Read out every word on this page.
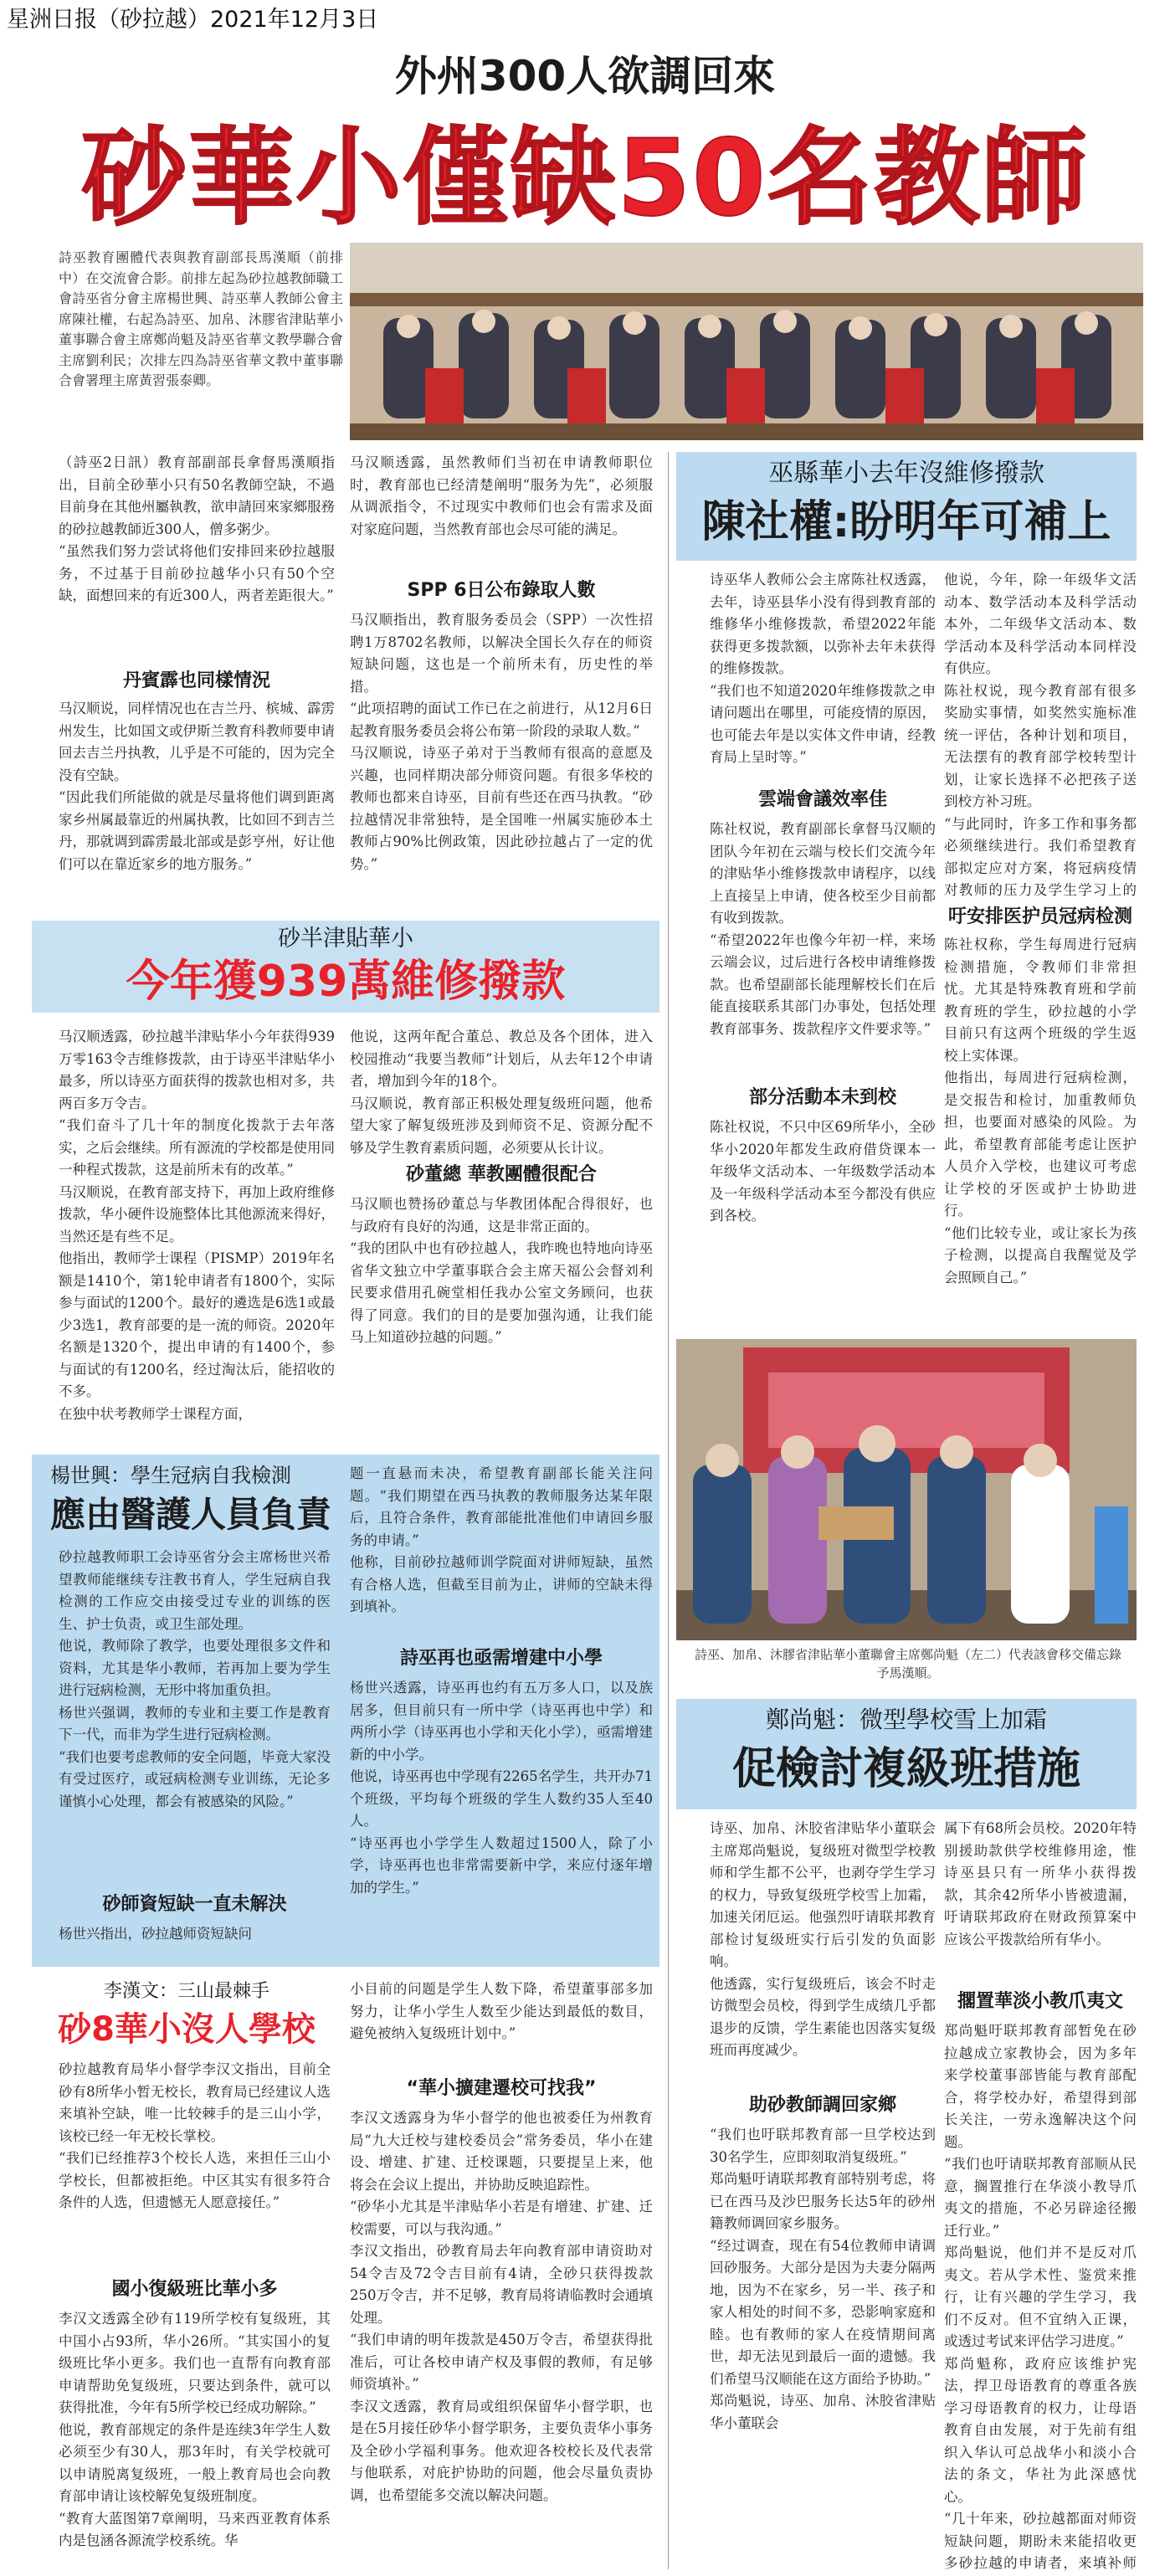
星洲日报（砂拉越）2021年12月3日
外州300人欲調回來
砂華小僅缺50名教師
詩巫教育團體代表與教育副部長馬漢順（前排中）在交流會合影。前排左起為砂拉越教師職工會詩巫省分會主席楊世興、詩巫華人教師公會主席陳社權，右起為詩巫、加帛、沐膠省津貼華小董事聯合會主席鄭尚魁及詩巫省華文教學聯合會主席劉利民；次排左四為詩巫省華文教中董事聯合會署理主席黃習張泰卿。

（詩巫2日訊）教育部副部長拿督馬漢順指出，目前全砂華小只有50名教師空缺，不過目前身在其他州屬執教，欲申請回來家鄉服務的砂拉越教師近300人，僧多粥少。
“虽然我们努力尝试将他们安排回来砂拉越服务，不过基于目前砂拉越华小只有50个空缺，面想回来的有近300人，两者差距很大。”

丹賓霹也同樣情況

马汉顺说，同样情况也在吉兰丹、槟城、霹雳州发生，比如国文或伊斯兰教育科教师要申请回去吉兰丹执教，儿乎是不可能的，因为完全没有空缺。
“因此我们所能做的就是尽量将他们调到距离家乡州属最靠近的州属执教，比如回不到吉兰丹，那就调到霹雳最北部或是彭亨州，好让他们可以在靠近家乡的地方服务。”

马汉顺透露，虽然教师们当初在申请教师职位时，教育部也已经清楚阐明“服务为先”，必须服从调派指令，不过现实中教师们也会有需求及面对家庭问题，当然教育部也会尽可能的满足。

SPP 6日公布錄取人數

马汉顺指出，教育服务委员会（SPP）一次性招聘1万8702名教师，以解决全国长久存在的师资短缺问题，这也是一个前所未有，历史性的举措。
“此项招聘的面试工作已在之前进行，从12月6日起教育服务委员会将公布第一阶段的录取人数。”
马汉顺说，诗巫子弟对于当教师有很高的意愿及兴趣，也同样期决部分师资问题。有很多华校的教师也都来自诗巫，目前有些还在西马执教。“砂拉越情况非常独特，是全国唯一州属实施砂本土教师占90%比例政策，因此砂拉越占了一定的优势。”

巫縣華小去年沒維修撥款
陳社權:盼明年可補上

诗巫华人教师公会主席陈社权透露，去年，诗巫县华小没有得到教育部的维修华小维修拨款，希望2022年能获得更多拨款额，以弥补去年未获得的维修拨款。
“我们也不知道2020年维修拨款之申请问题出在哪里，可能疫情的原因，也可能去年是以实体文件申请，经教育局上呈时等。”

雲端會議效率佳

陈社权说，教育副部长拿督马汉顺的团队今年初在云端与校长们交流今年的津贴华小维修拨款申请程序，以线上直接呈上申请，使各校至少目前都有收到拨款。
“希望2022年也像今年初一样，来场云端会议，过后进行各校申请维修拨款。也希望副部长能理解校长们在后能直接联系其部门办事处，包括处理教育部事务、拨款程序文件要求等。”

部分活動本未到校

陈社权说，不只中区69所华小，全砂华小2020年都发生政府借贷课本一年级华文活动本、一年级数学活动本及一年级科学活动本至今都没有供应到各校。

他说，今年，除一年级华文活动本、数学活动本及科学活动本外，二年级华文活动本、数学活动本及科学活动本同样没有供应。
陈社权说，现今教育部有很多奖励实事情，如奖然实施标准统一评估，各种计划和项目，无法摆有的教育部学校转型计划，让家长选择不必把孩子送到校方补习班。
“与此同时，许多工作和事务都必须继续进行。我们希望教育部拟定应对方案，将冠病疫情对教师的压力及学生学习上的

吁安排医护员冠病检测

陈社权称，学生每周进行冠病检测措施，令教师们非常担忧。尤其是特殊教育班和学前教育班的学生，砂拉越的小学目前只有这两个班级的学生返校上实体课。
他指出，每周进行冠病检测，是交报告和检讨，加重教师负担，也要面对感染的风险。为此，希望教育部能考虑让医护人员介入学校，也建议可考虑让学校的牙医或护士协助进行。
“他们比较专业，或让家长为孩子检测，以提高自我醒觉及学会照顾自己。”

詩巫、加帛、沐膠省津貼華小董聯會主席鄭尚魁（左二）代表該會移交備忘錄予馬漢順。
砂半津貼華小
今年獲939萬維修撥款

马汉顺透露，砂拉越半津贴华小今年获得939万零163令吉维修拨款，由于诗巫半津贴华小最多，所以诗巫方面获得的拨款也相对多，共两百多万令吉。
“我们奋斗了几十年的制度化拨款于去年落实，之后会继续。所有源流的学校都是使用同一种程式拨款，这是前所未有的改革。”
马汉顺说，在教育部支持下，再加上政府维修拨款，华小硬件设施整体比其他源流来得好，当然还是有些不足。
他指出，教师学士课程（PISMP）2019年名额是1410个，第1轮申请者有1800个，实际参与面试的1200个。最好的遴选是6选1或最少3选1，教育部要的是一流的师资。2020年名额是1320个，提出申请的有1400个，参与面试的有1200名，经过淘汰后，能招收的不多。
在独中状考教师学士课程方面，

他说，这两年配合董总、教总及各个团体，进入校园推动“我要当教师”计划后，从去年12个申请者，增加到今年的18个。
马汉顺说，教育部正积极处理复级班问题，他希望大家了解复级班涉及到师资不足、资源分配不够及学生教育素质问题，必须要从长计议。

砂董總 華教團體很配合

马汉顺也赞扬砂董总与华教团体配合得很好，也与政府有良好的沟通，这是非常正面的。
“我的团队中也有砂拉越人，我昨晚也特地向诗巫省华文独立中学董事联合会主席天福公会督刘利民要求借用孔碗堂相任我办公室文务顾问，也获得了同意。我们的目的是要加强沟通，让我们能马上知道砂拉越的问题。”

楊世興：學生冠病自我檢測
應由醫護人員負責

砂拉越教师职工会诗巫省分会主席杨世兴希望教师能继续专注教书育人，学生冠病自我检测的工作应交由接受过专业的训练的医生、护士负责，或卫生部处理。
他说，教师除了教学，也要处理很多文件和资料，尤其是华小教师，若再加上要为学生进行冠病检测，无形中将加重负担。
杨世兴强调，教师的专业和主要工作是教育下一代，而非为学生进行冠病检测。
“我们也要考虑教师的安全问题，毕竟大家没有受过医疗，或冠病检测专业训练，无论多谨慎小心处理，都会有被感染的风险。”

砂師資短缺一直未解決

杨世兴指出，砂拉越师资短缺问

题一直悬而未决，希望教育副部长能关注问题。“我们期望在西马执教的教师服务达某年限后，且符合条件，教育部能批准他们申请回乡服务的申请。”
他称，目前砂拉越师训学院面对讲师短缺，虽然有合格人选，但截至目前为止，讲师的空缺未得到填补。

詩巫再也亟需增建中小學

杨世兴透露，诗巫再也约有五万多人口，以及族居多，但目前只有一所中学（诗巫再也中学）和两所小学（诗巫再也小学和天化小学），亟需增建新的中小学。
他说，诗巫再也中学现有2265名学生，共开办71个班级，平均每个班级的学生人数约35人至40人。
“诗巫再也小学学生人数超过1500人，除了小学，诗巫再也也非常需要新中学，来应付逐年增加的学生。”

李漢文：三山最棘手
砂8華小沒人學校

砂拉越教育局华小督学李汉文指出，目前全砂有8所华小暂无校长，教育局已经建议人选来填补空缺，唯一比较棘手的是三山小学，该校已经一年无校长掌校。
“我们已经推荐3个校长人选，来担任三山小学校长，但都被拒绝。中区其实有很多符合条件的人选，但遗憾无人愿意接任。”

國小復級班比華小多

李汉文透露全砂有119所学校有复级班，其中国小占93所，华小26所。“其实国小的复级班比华小更多。我们也一直帮有向教育部申请帮助免复级班，只要达到条件，就可以获得批准，今年有5所学校已经成功解除。”
他说，教育部规定的条件是连续3年学生人数必须至少有30人，那3年时，有关学校就可以申请脱离复级班，一般上教育局也会向教育部申请让该校解免复级班制度。
“教育大蓝图第7章阐明，马来西亚教育体系内是包涵各源流学校系统。华

小目前的问题是学生人数下降，希望董事部多加努力，让华小学生人数至少能达到最低的数目，避免被纳入复级班计划中。”

“華小擴建遷校可找我”

李汉文透露身为华小督学的他也被委任为州教育局“九大迁校与建校委员会”常务委员，华小在建设、增建、扩建、迁校课题，只要提呈上来，他将会在会议上提出，并协助反映追踪性。
“砂华小尤其是半津贴华小若是有增建、扩建、迁校需要，可以与我沟通。”
李汉文指出，砂教育局去年向教育部申请资助对54令吉及72令吉目前有4请，全砂只获得拨款250万令吉，并不足够，教育局将请临教时会通填处理。
“我们申请的明年拨款是450万令吉，希望获得批准后，可让各校申请产权及事假的教师，有足够师资填补。”
李汉文透露，教育局或组织保留华小督学职，也是在5月接任砂华小督学职务，主要负责华小事务及全砂小学福利事务。他欢迎各校校长及代表常与他联系，对庇护协助的问题，他会尽量负责协调，也希望能多交流以解决问题。

鄭尚魁：微型學校雪上加霜
促檢討複級班措施

诗巫、加帛、沐胶省津贴华小董联会主席郑尚魁说，复级班对微型学校教师和学生都不公平，也剥夺学生学习的权力，导致复级班学校雪上加霜，加速关闭厄运。他强烈吁请联邦教育部检讨复级班实行后引发的负面影响。
他透露，实行复级班后，该会不时走访微型会员校，得到学生成绩几乎都退步的反馈，学生素能也因落实复级班而再度减少。

助砂教師調回家鄉

“我们也吁联邦教育部一旦学校达到30名学生，应即刻取消复级班。”
郑尚魁吁请联邦教育部特别考虑，将已在西马及沙巴服务长达5年的砂州籍教师调回家乡服务。
“经过调查，现在有54位教师申请调回砂服务。大部分是因为夫妻分隔两地，因为不在家乡，另一半、孩子和家人相处的时间不多，恐影响家庭和睦。也有教师的家人在疫情期间离世，却无法见到最后一面的遗憾。我们希望马汉顺能在这方面给予协助。”
郑尚魁说，诗巫、加帛、沐胶省津贴华小董联会

属下有68所会员校。2020年特别援助款供学校维修用途，惟诗巫县只有一所华小获得拨款，其余42所华小皆被遗漏，吁请联邦政府在财政预算案中应该公平拨款给所有华小。

擱置華淡小教爪夷文

郑尚魁吁联邦教育部暂免在砂拉越成立家教协会，因为多年来学校董事部皆能与教育部配合，将学校办好，希望得到部长关注，一劳永逸解决这个问题。
“我们也吁请联邦教育部顺从民意，搁置推行在华淡小教导爪夷文的措施，不必另辟途径搬迁行业。”
郑尚魁说，他们并不是反对爪夷文。若从学术性、鉴赏来推行，让有兴趣的学生学习，我们不反对。但不宜纳入正课，或透过考试来评估学习进度。”
郑尚魁称，政府应该维护宪法，捍卫母语教育的尊重各族学习母语教育的权力，让母语教育自由发展，对于先前有组织入华认可总战华小和淡小合法的条文，华社为此深感忧心。
“几十年来，砂拉越都面对师资短缺问题，期盼未来能招收更多砂拉越的申请者，来填补师
